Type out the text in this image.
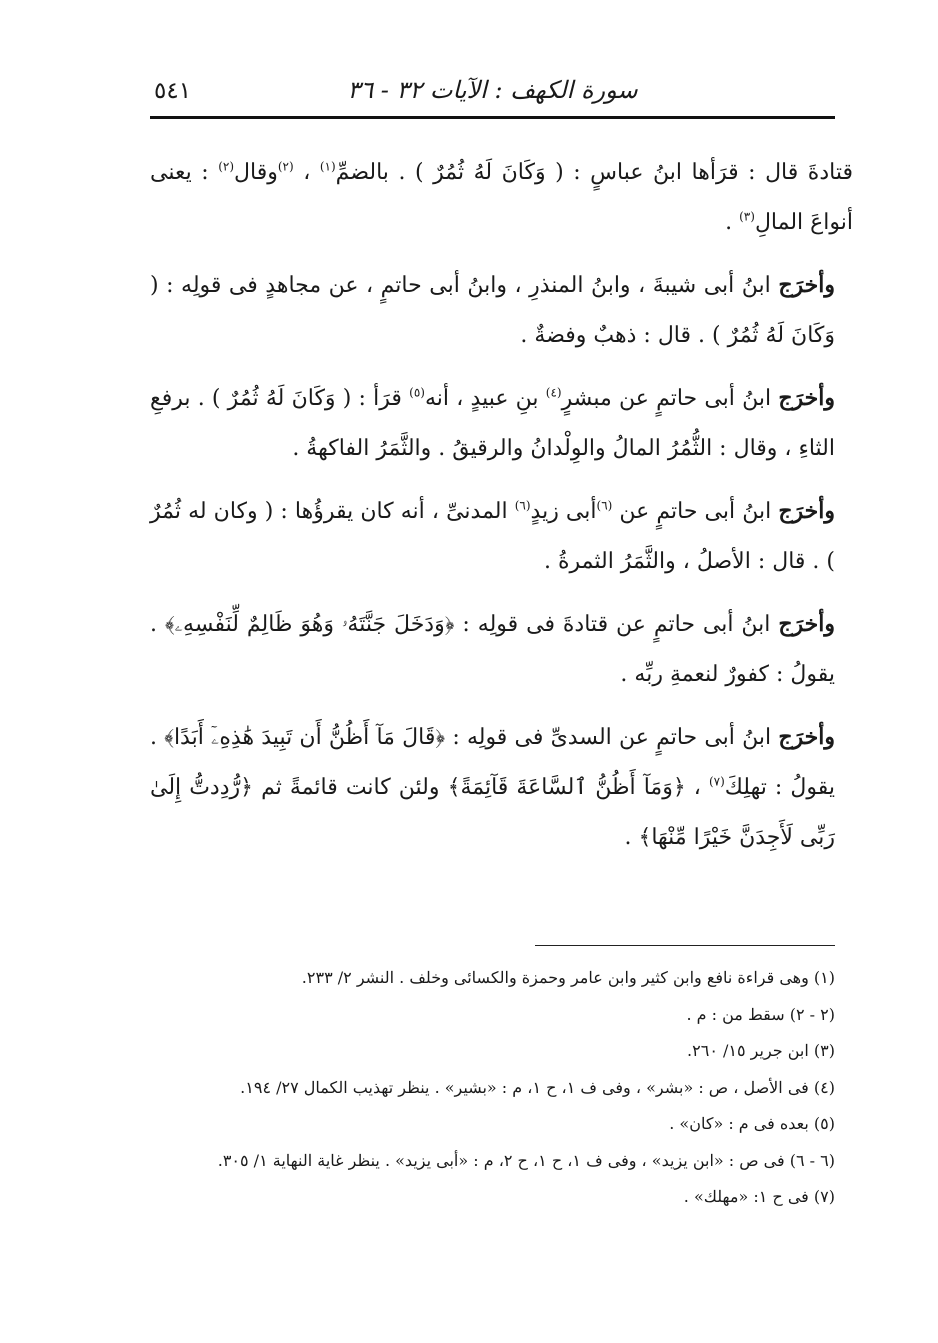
٥٤١	سورة الكهف : الآيات ٣٢ - ٣٦

قتادةَ قال : قرَأها ابنُ عباسٍ : ( وَكَانَ لَهُ ثُمُرٌ ) . بالضمِّ$^{(١)}$ ، $^{(٢)}$وقال$^{(٢)}$ : يعنى أنواعَ المالِ$^{(٣)}$ .

وأخرَج ابنُ أبى شيبةَ ، وابنُ المنذرِ ، وابنُ أبى حاتمٍ ، عن مجاهدٍ فى قولِه : ( وَكَانَ لَهُ ثُمُرٌ ) . قال : ذهبٌ وفضةٌ .

وأخرَج ابنُ أبى حاتمٍ عن مبشرٍ$^{(٤)}$ بنِ عبيدٍ ، أنه$^{(٥)}$ قرَأ : ( وَكَانَ لَهُ ثُمُرٌ ) . برفعِ الثاءِ ، وقال : الثُّمُرُ المالُ والوِلْدانُ والرقيقُ . والثَّمَرُ الفاكهةُ .

وأخرَج ابنُ أبى حاتمٍ عن $^{(٦)}$أبى زيدٍ$^{(٦)}$ المدنىِّ ، أنه كان يقرؤُها : ( وكان له ثُمُرٌ ) . قال : الأصلُ ، والثَّمَرُ الثمرةُ .

وأخرَج ابنُ أبى حاتمٍ عن قتادةَ فى قولِه : ﴿وَدَخَلَ جَنَّتَهُۥ وَهُوَ ظَالِمٌ لِّنَفْسِهِۦ﴾ . يقولُ : كفورٌ لنعمةِ ربِّه .

وأخرَج ابنُ أبى حاتمٍ عن السدىِّ فى قولِه : ﴿قَالَ مَآ أَظُنُّ أَن تَبِيدَ هَٰذِهِۦٓ أَبَدًا﴾ . يقولُ : تهلِكَ$^{(٧)}$ ، ﴿وَمَآ أَظُنُّ ٱلسَّاعَةَ قَآئِمَةً﴾ ولئن كانت قائمةً ثم ﴿رُّدِدتُّ إِلَىٰ رَبِّى لَأَجِدَنَّ خَيْرًا مِّنْهَا﴾ .

(١) وهى قراءة نافع وابن كثير وابن عامر وحمزة والكسائى وخلف . النشر ٢/ ٢٣٣.

(٢ - ٢) سقط من : م .

(٣) ابن جرير ١٥/ ٢٦٠.

(٤) فى الأصل ، ص : «بشر» ، وفى ف ١، ح ١، م : «بشير» . ينظر تهذيب الكمال ٢٧/ ١٩٤.

(٥) بعده فى م : «كان» .

(٦ - ٦) فى ص : «ابن يزيد» ، وفى ف ١، ح ١، ح ٢، م : «أبى يزيد» . ينظر غاية النهاية ١/ ٣٠٥.

(٧) فى ح ١: «مهلك» .
